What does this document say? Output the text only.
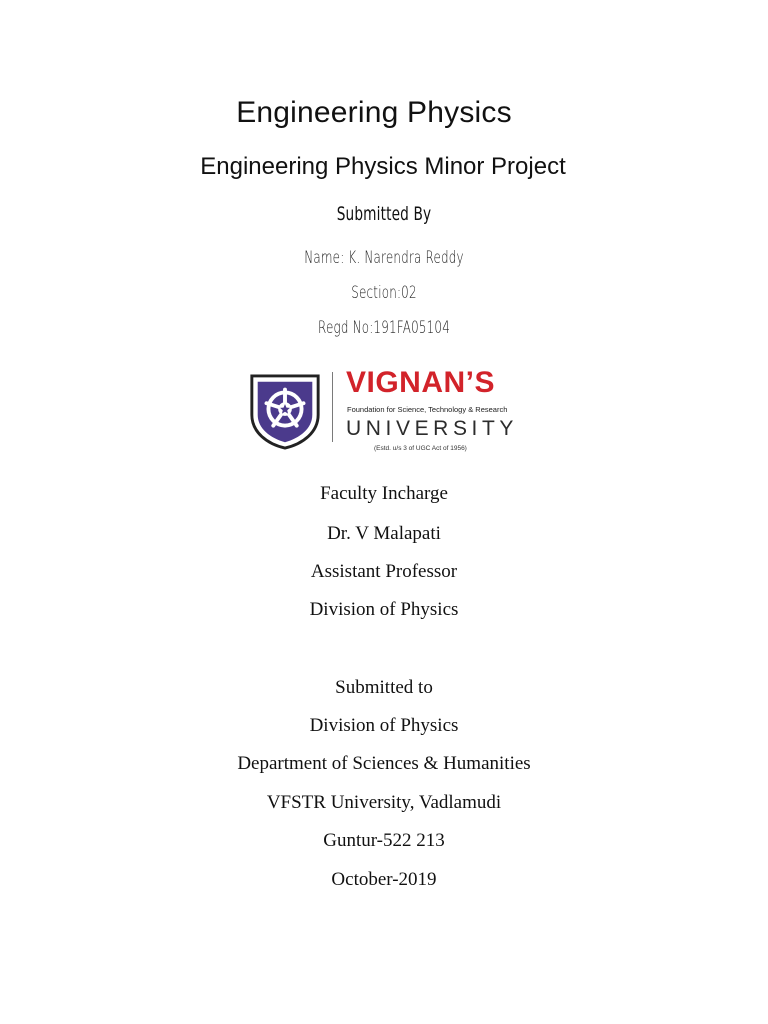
Engineering Physics
Engineering Physics Minor Project
Submitted By
Name: K. Narendra Reddy
Section:02
Regd No:191FA05104
VIGNAN’S
Foundation for Science, Technology & Research
UNIVERSITY
(Estd. u/s 3 of UGC Act of 1956)
Faculty Incharge
Dr. V Malapati
Assistant Professor
Division of Physics
Submitted to
Division of Physics
Department of Sciences & Humanities
VFSTR University, Vadlamudi
Guntur-522 213
October-2019
